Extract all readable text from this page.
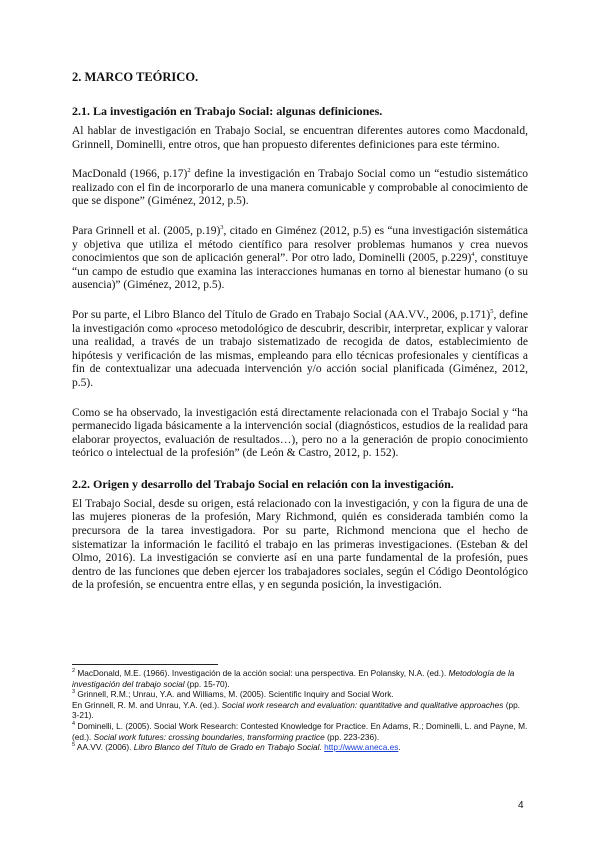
2. MARCO TEÓRICO.
2.1. La investigación en Trabajo Social: algunas definiciones.

Al hablar de investigación en Trabajo Social, se encuentran diferentes autores como Macdonald, Grinnell, Dominelli, entre otros, que han propuesto diferentes definiciones para este término.

MacDonald (1966, p.17)$^2$ define la investigación en Trabajo Social como un “estudio sistemático realizado con el fin de incorporarlo de una manera comunicable y comprobable al conocimiento de que se dispone” (Giménez, 2012, p.5).

Para Grinnell et al. (2005, p.19)$^3$, citado en Giménez (2012, p.5) es “una investigación sistemática y objetiva que utiliza el método científico para resolver problemas humanos y crea nuevos conocimientos que son de aplicación general”. Por otro lado, Dominelli (2005, p.229)$^4$, constituye “un campo de estudio que examina las interacciones humanas en torno al bienestar humano (o su ausencia)” (Giménez, 2012, p.5).

Por su parte, el Libro Blanco del Título de Grado en Trabajo Social (AA.VV., 2006, p.171)$^5$, define la investigación como «proceso metodológico de descubrir, describir, interpretar, explicar y valorar una realidad, a través de un trabajo sistematizado de recogida de datos, establecimiento de hipótesis y verificación de las mismas, empleando para ello técnicas profesionales y científicas a fin de contextualizar una adecuada intervención y/o acción social planificada (Giménez, 2012, p.5).

Como se ha observado, la investigación está directamente relacionada con el Trabajo Social y “ha permanecido ligada básicamente a la intervención social (diagnósticos, estudios de la realidad para elaborar proyectos, evaluación de resultados…), pero no a la generación de propio conocimiento teórico o intelectual de la profesión” (de León & Castro, 2012, p. 152).

2.2. Origen y desarrollo del Trabajo Social en relación con la investigación.

El Trabajo Social, desde su origen, está relacionado con la investigación, y con la figura de una de las mujeres pioneras de la profesión, Mary Richmond, quién es considerada también como la precursora de la tarea investigadora. Por su parte, Richmond menciona que el hecho de sistematizar la información le facilitó el trabajo en las primeras investigaciones. (Esteban & del Olmo, 2016). La investigación se convierte así en una parte fundamental de la profesión, pues dentro de las funciones que deben ejercer los trabajadores sociales, según el Código Deontológico de la profesión, se encuentra entre ellas, y en segunda posición, la investigación.

$^2$ MacDonald, M.E. (1966). Investigación de la acción social: una perspectiva. En Polansky, N.A. (ed.). Metodología de la investigación del trabajo social (pp. 15-70).

$^3$ Grinnell, R.M.; Unrau, Y.A. and Williams, M. (2005). Scientific Inquiry and Social Work.
En Grinnell, R. M. and Unrau, Y.A. (ed.). Social work research and evaluation: quantitative and qualitative approaches (pp. 3-21).

$^4$ Dominelli, L. (2005). Social Work Research: Contested Knowledge for Practice. En Adams, R.; Dominelli, L. and Payne, M. (ed.). Social work futures: crossing boundaries, transforming practice (pp. 223-236).

$^5$ AA.VV. (2006). Libro Blanco del Título de Grado en Trabajo Social. http://www.aneca.es.

4
